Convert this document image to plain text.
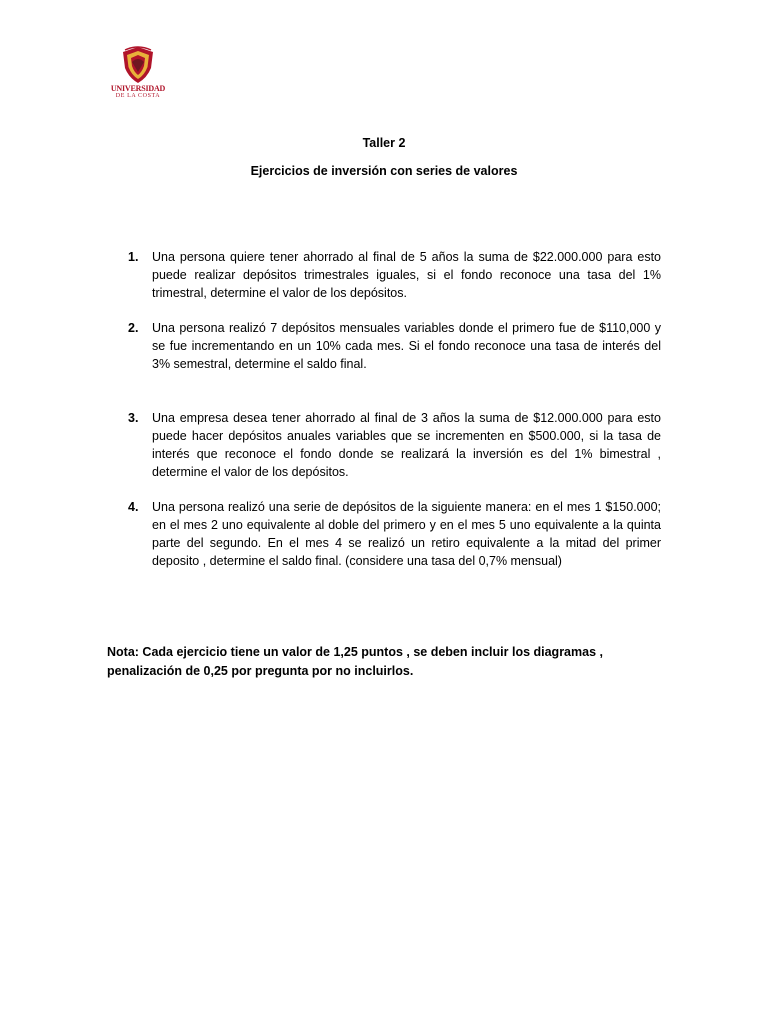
UNIVERSIDAD
DE LA COSTA
Taller 2
Ejercicios de inversión con series de valores
1. Una persona quiere tener ahorrado al final de 5 años la suma de $22.000.000 para esto puede realizar depósitos trimestrales iguales, si el fondo reconoce una tasa del 1% trimestral, determine el valor de los depósitos.
2. Una persona realizó 7 depósitos mensuales variables donde el primero fue de $110,000 y se fue incrementando en un 10% cada mes. Si el fondo reconoce una tasa de interés del 3% semestral, determine el saldo final.
3. Una empresa desea tener ahorrado al final de 3 años la suma de $12.000.000 para esto puede hacer depósitos anuales variables que se incrementen en $500.000, si la tasa de interés que reconoce el fondo donde se realizará la inversión es del 1% bimestral , determine el valor de los depósitos.
4. Una persona realizó una serie de depósitos de la siguiente manera: en el mes 1 $150.000; en el mes 2 uno equivalente al doble del primero y en el mes 5 uno equivalente a la quinta parte del segundo. En el mes 4 se realizó un retiro equivalente a la mitad del primer deposito , determine el saldo final. (considere una tasa del 0,7% mensual)
Nota: Cada ejercicio tiene un valor de 1,25 puntos , se deben incluir los diagramas , penalización de 0,25 por pregunta por no incluirlos.
